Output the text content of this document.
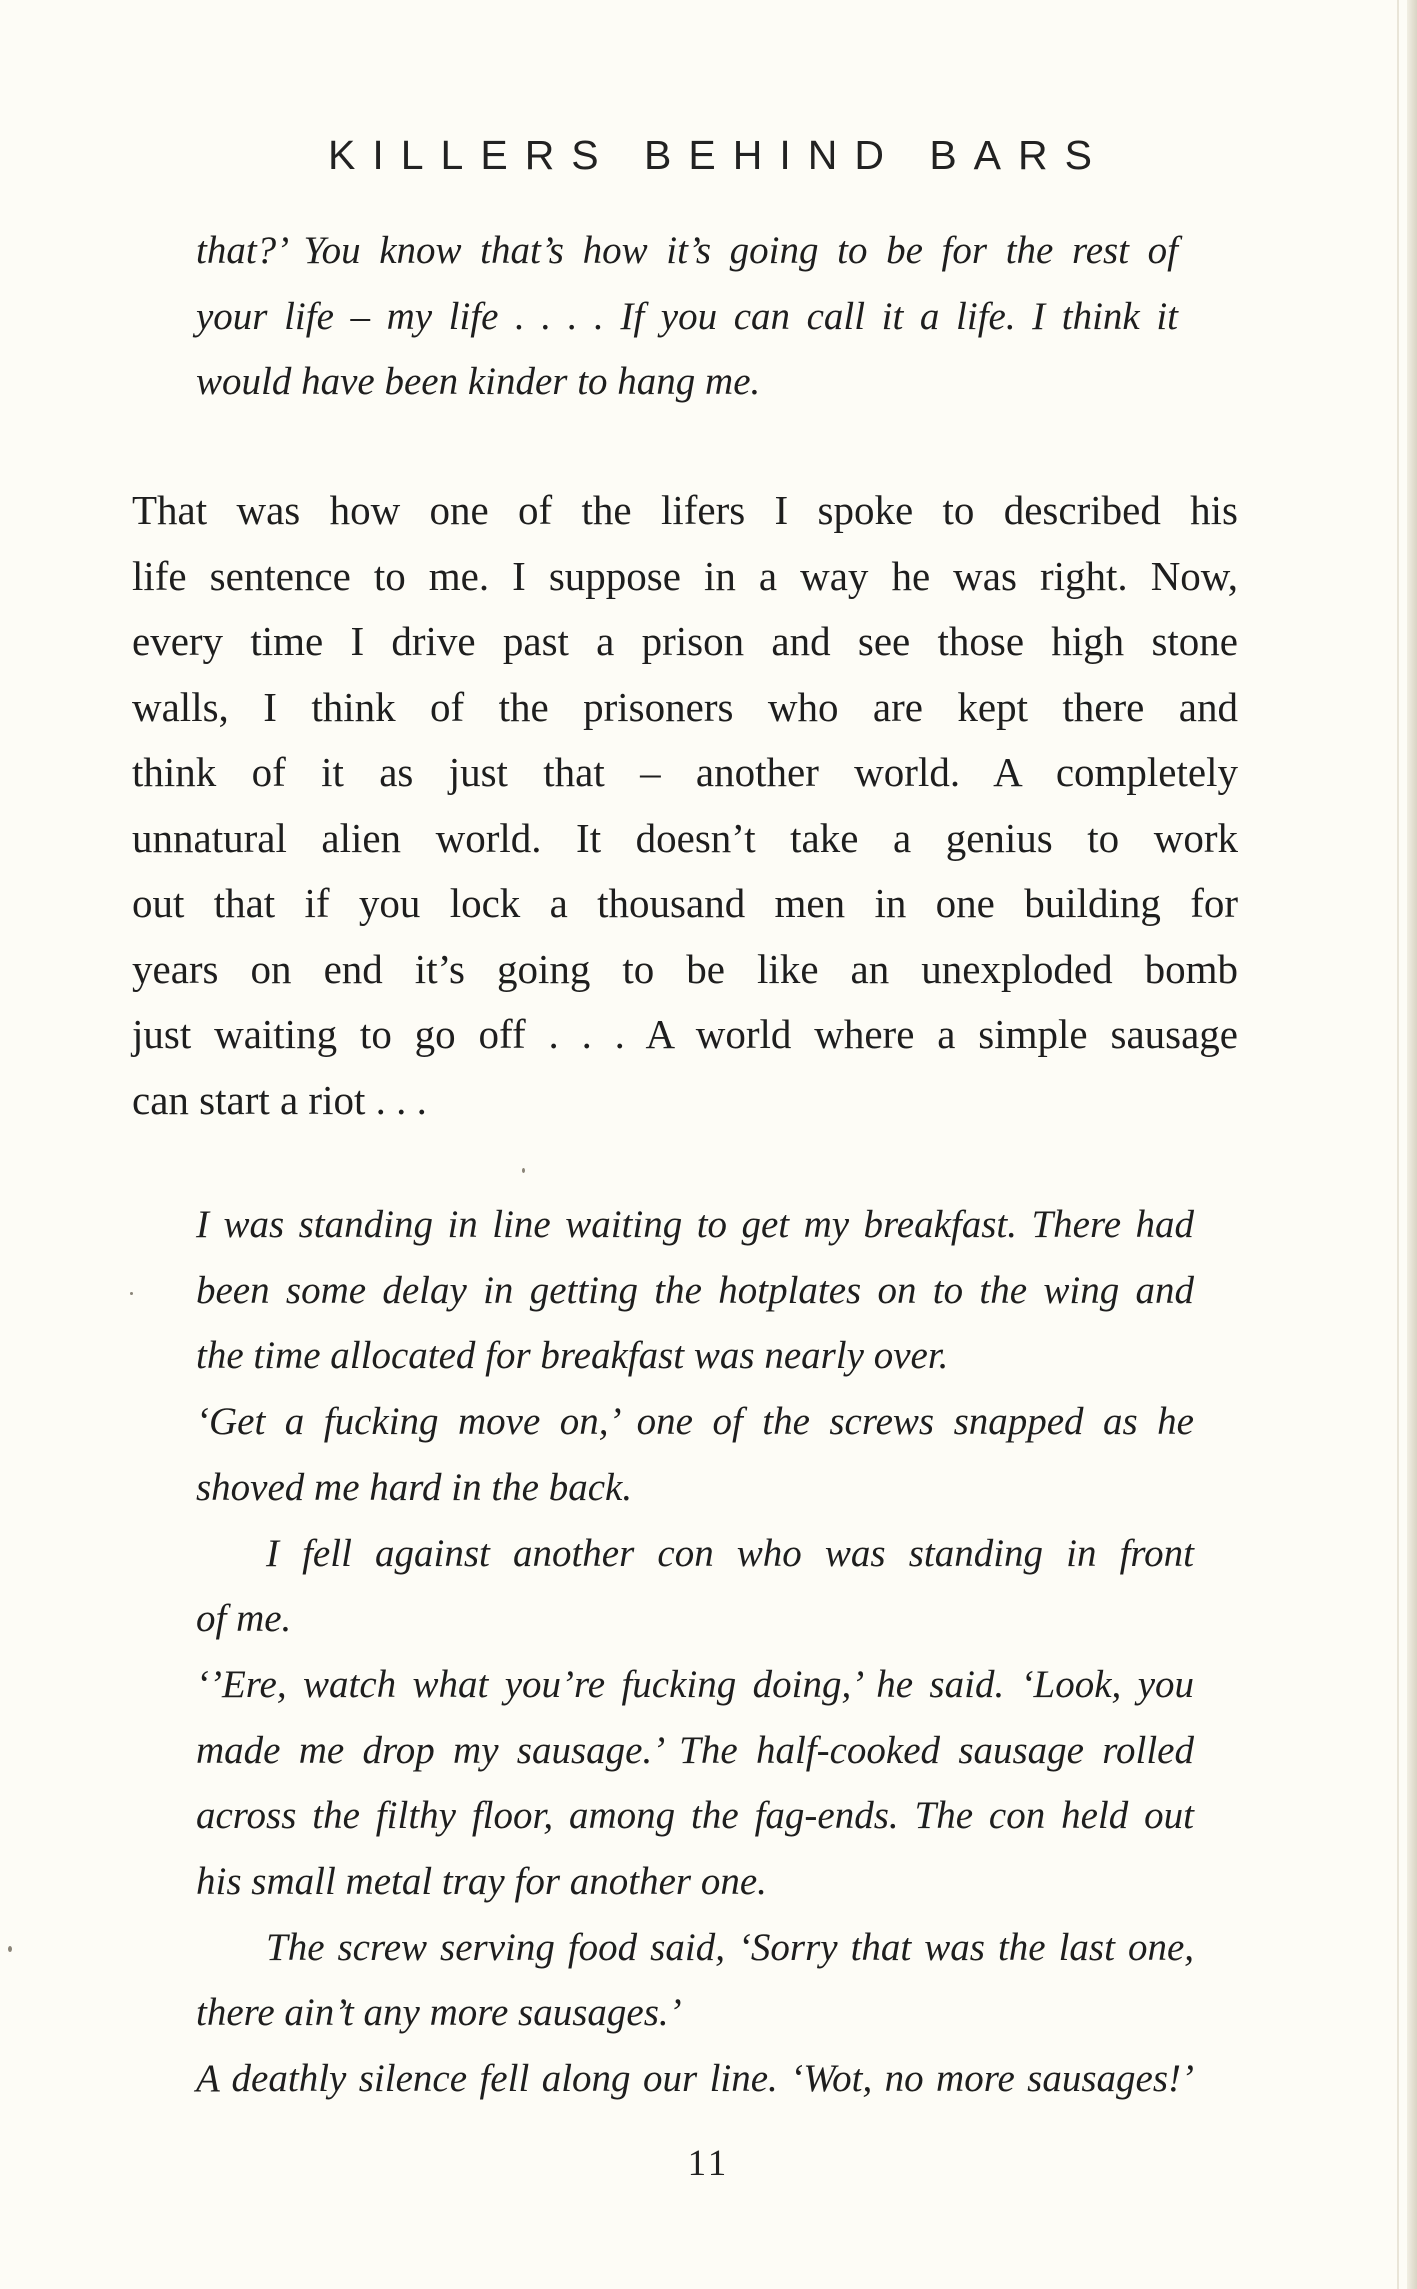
KILLERS BEHIND BARS
that?’ You know that’s how it’s going to be for the rest of
your life – my life . . . . If you can call it a life. I think it
would have been kinder to hang me.
That was how one of the lifers I spoke to described his
life sentence to me. I suppose in a way he was right. Now,
every time I drive past a prison and see those high stone
walls, I think of the prisoners who are kept there and
think of it as just that – another world. A completely
unnatural alien world. It doesn’t take a genius to work
out that if you lock a thousand men in one building for
years on end it’s going to be like an unexploded bomb
just waiting to go off . . . A world where a simple sausage
can start a riot . . .
I was standing in line waiting to get my breakfast. There had
been some delay in getting the hotplates on to the wing and
the time allocated for breakfast was nearly over.
‘Get a fucking move on,’ one of the screws snapped as he
shoved me hard in the back.
I fell against another con who was standing in front
of me.
‘’Ere, watch what you’re fucking doing,’ he said. ‘Look, you
made me drop my sausage.’ The half-cooked sausage rolled
across the filthy floor, among the fag-ends. The con held out
his small metal tray for another one.
The screw serving food said, ‘Sorry that was the last one,
there ain’t any more sausages.’
A deathly silence fell along our line. ‘Wot, no more sausages!’
11
